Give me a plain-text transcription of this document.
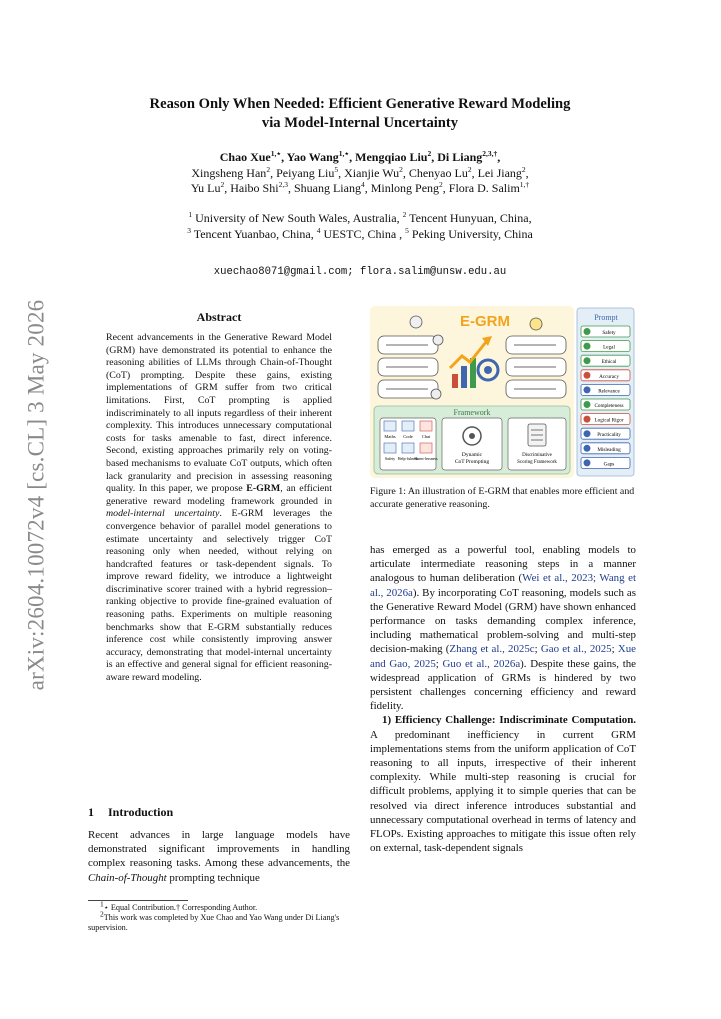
arXiv:2604.10072v4 [cs.CL] 3 May 2026
Reason Only When Needed: Efficient Generative Reward Modeling
via Model-Internal Uncertainty
Chao Xue$^{1,⋆}$, Yao Wang$^{1,⋆}$, Mengqiao Liu$^2$, Di Liang$^{2,3,\dagger}$,
Xingsheng Han$^2$, Peiyang Liu$^5$, Xianjie Wu$^2$, Chenyao Lu$^2$, Lei Jiang$^2$,
Yu Lu$^2$, Haibo Shi$^{2,3}$, Shuang Liang$^4$, Minlong Peng$^2$, Flora D. Salim$^{1,\dagger}$
$^1$ University of New South Wales, Australia, $^2$ Tencent Hunyuan, China,
$^3$ Tencent Yuanbao, China, $^4$ UESTC, China , $^5$ Peking University, China
xuechao8071@gmail.com; flora.salim@unsw.edu.au
Abstract
Recent advancements in the Generative Reward Model (GRM) have demonstrated its potential to enhance the reasoning abilities of LLMs through Chain-of-Thought (CoT) prompting. Despite these gains, existing implementations of GRM suffer from two critical limitations. First, CoT prompting is applied indiscriminately to all inputs regardless of their inherent complexity. This introduces unnecessary computational costs for tasks amenable to fast, direct inference. Second, existing approaches primarily rely on voting-based mechanisms to evaluate CoT outputs, which often lack granularity and precision in assessing reasoning quality. In this paper, we propose E-GRM, an efficient generative reward modeling framework grounded in model-internal uncertainty. E-GRM leverages the convergence behavior of parallel model generations to estimate uncertainty and selectively trigger CoT reasoning only when needed, without relying on handcrafted features or task-dependent signals. To improve reward fidelity, we introduce a lightweight discriminative scorer trained with a hybrid regression–ranking objective to provide fine-grained evaluation of reasoning paths. Experiments on multiple reasoning benchmarks show that E-GRM substantially reduces inference cost while consistently improving answer accuracy, demonstrating that model-internal uncertainty is an effective and general signal for efficient reasoning-aware reward modeling.
1 Introduction
Recent advances in large language models have demonstrated significant improvements in handling complex reasoning tasks. Among these advancements, the Chain-of-Thought prompting technique

$^1$⋆ Equal Contribution.† Corresponding Author.

$^2$This work was completed by Xue Chao and Yao Wang under Di Liang's supervision.

E-GRM
Framework
Maths Code Chat
Safety Help-fulness
Harm-lessness
Dynamic
CoT Prompting
Discriminative
Scoring Framework
Prompt
Safety
Legal
Ethical
Accuracy
Relevance
Completeness
Logical Rigor
Practicality
Misleading
Gaps
Figure 1: An illustration of E-GRM that enables more efficient and accurate generative reasoning.

has emerged as a powerful tool, enabling models to articulate intermediate reasoning steps in a manner analogous to human deliberation (Wei et al., 2023; Wang et al., 2026a). By incorporating CoT reasoning, models such as the Generative Reward Model (GRM) have shown enhanced performance on tasks demanding complex inference, including mathematical problem-solving and multi-step decision-making (Zhang et al., 2025c; Gao et al., 2025; Xue and Gao, 2025; Guo et al., 2026a). Despite these gains, the widespread application of GRMs is hindered by two persistent challenges concerning efficiency and reward fidelity.

1) Efficiency Challenge: Indiscriminate Computation. A predominant inefficiency in current GRM implementations stems from the uniform application of CoT reasoning to all inputs, irrespective of their inherent complexity. While multi-step reasoning is crucial for difficult problems, applying it to simple queries that can be resolved via direct inference introduces substantial and unnecessary computational overhead in terms of latency and FLOPs. Existing approaches to mitigate this issue often rely on external, task-dependent signals
